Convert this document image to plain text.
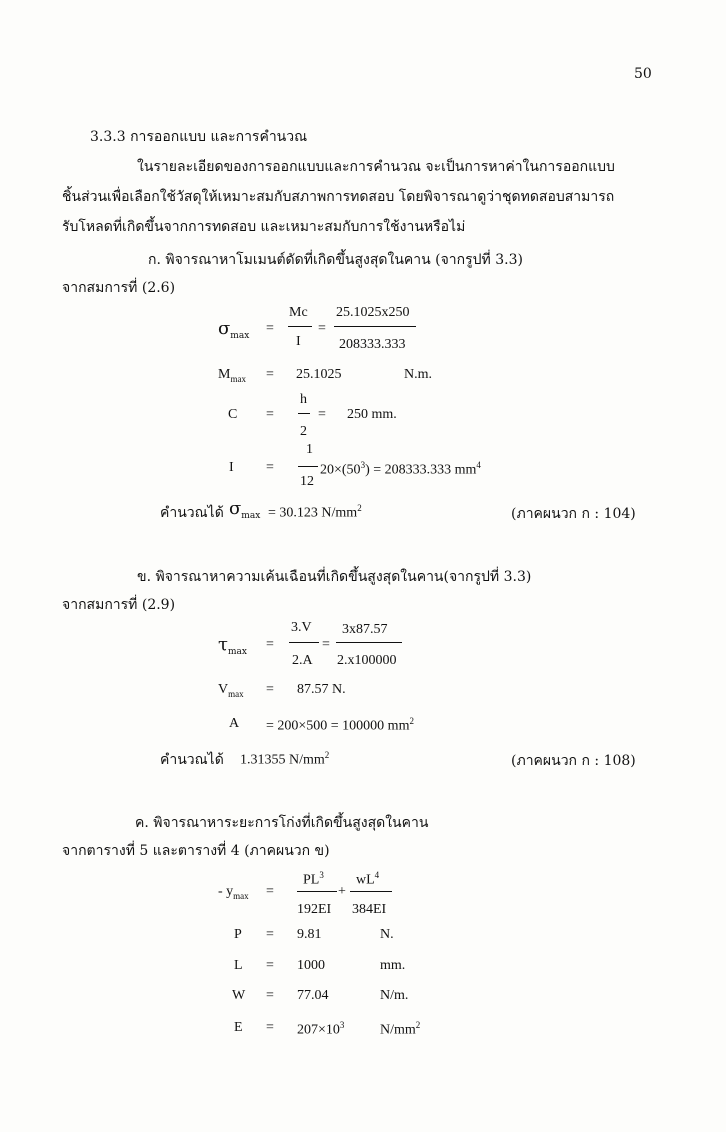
50
3.3.3 การออกแบบ และการคำนวณ
ในรายละเอียดของการออกแบบและการคำนวณ จะเป็นการหาค่าในการออกแบบ
ชิ้นส่วนเพื่อเลือกใช้วัสดุให้เหมาะสมกับสภาพการทดสอบ โดยพิจารณาดูว่าชุดทดสอบสามารถ
รับโหลดที่เกิดขึ้นจากการทดสอบ และเหมาะสมกับการใช้งานหรือไม่
ก. พิจารณาหาโมเมนต์ดัดที่เกิดขึ้นสูงสุดในคาน (จากรูปที่ 3.3)
จากสมการที่ (2.6)
$\sigma_{max}$
=
Mc
I
=
25.1025x250
208333.333
$M_{max} = 25.1025$	N.m.
C =
h
2
= 250 mm.
I =
1
12
$20\times(50^3) = 208333.333$ $mm^4$
คำนวณได้ $\sigma_{max} = 30.123$ $N/mm^2$	(ภาคผนวก ก : 104)
ข. พิจารณาหาความเค้นเฉือนที่เกิดขึ้นสูงสุดในคาน(จากรูปที่ 3.3)
จากสมการที่ (2.9)
$\tau_{max}$
=
3.V
2.A
=
3x87.57
2.x100000
$V_{max} = 87.57$ N.
A = 200×500 = 100000 $mm^2$
คำนวณได้ 1.31355 $N/mm^2$	(ภาคผนวก ก : 108)
ค. พิจารณาหาระยะการโก่งที่เกิดขึ้นสูงสุดในคาน
จากตารางที่ 5 และตารางที่ 4 (ภาคผนวก ข)
- $y_{max}$ =
$PL^3$
192EI
+
$wL^4$
384EI
P = 9.81	N.
L = 1000	mm.
W = 77.04	N/m.
$E = 207\times 10^3$	$N/mm^2$
